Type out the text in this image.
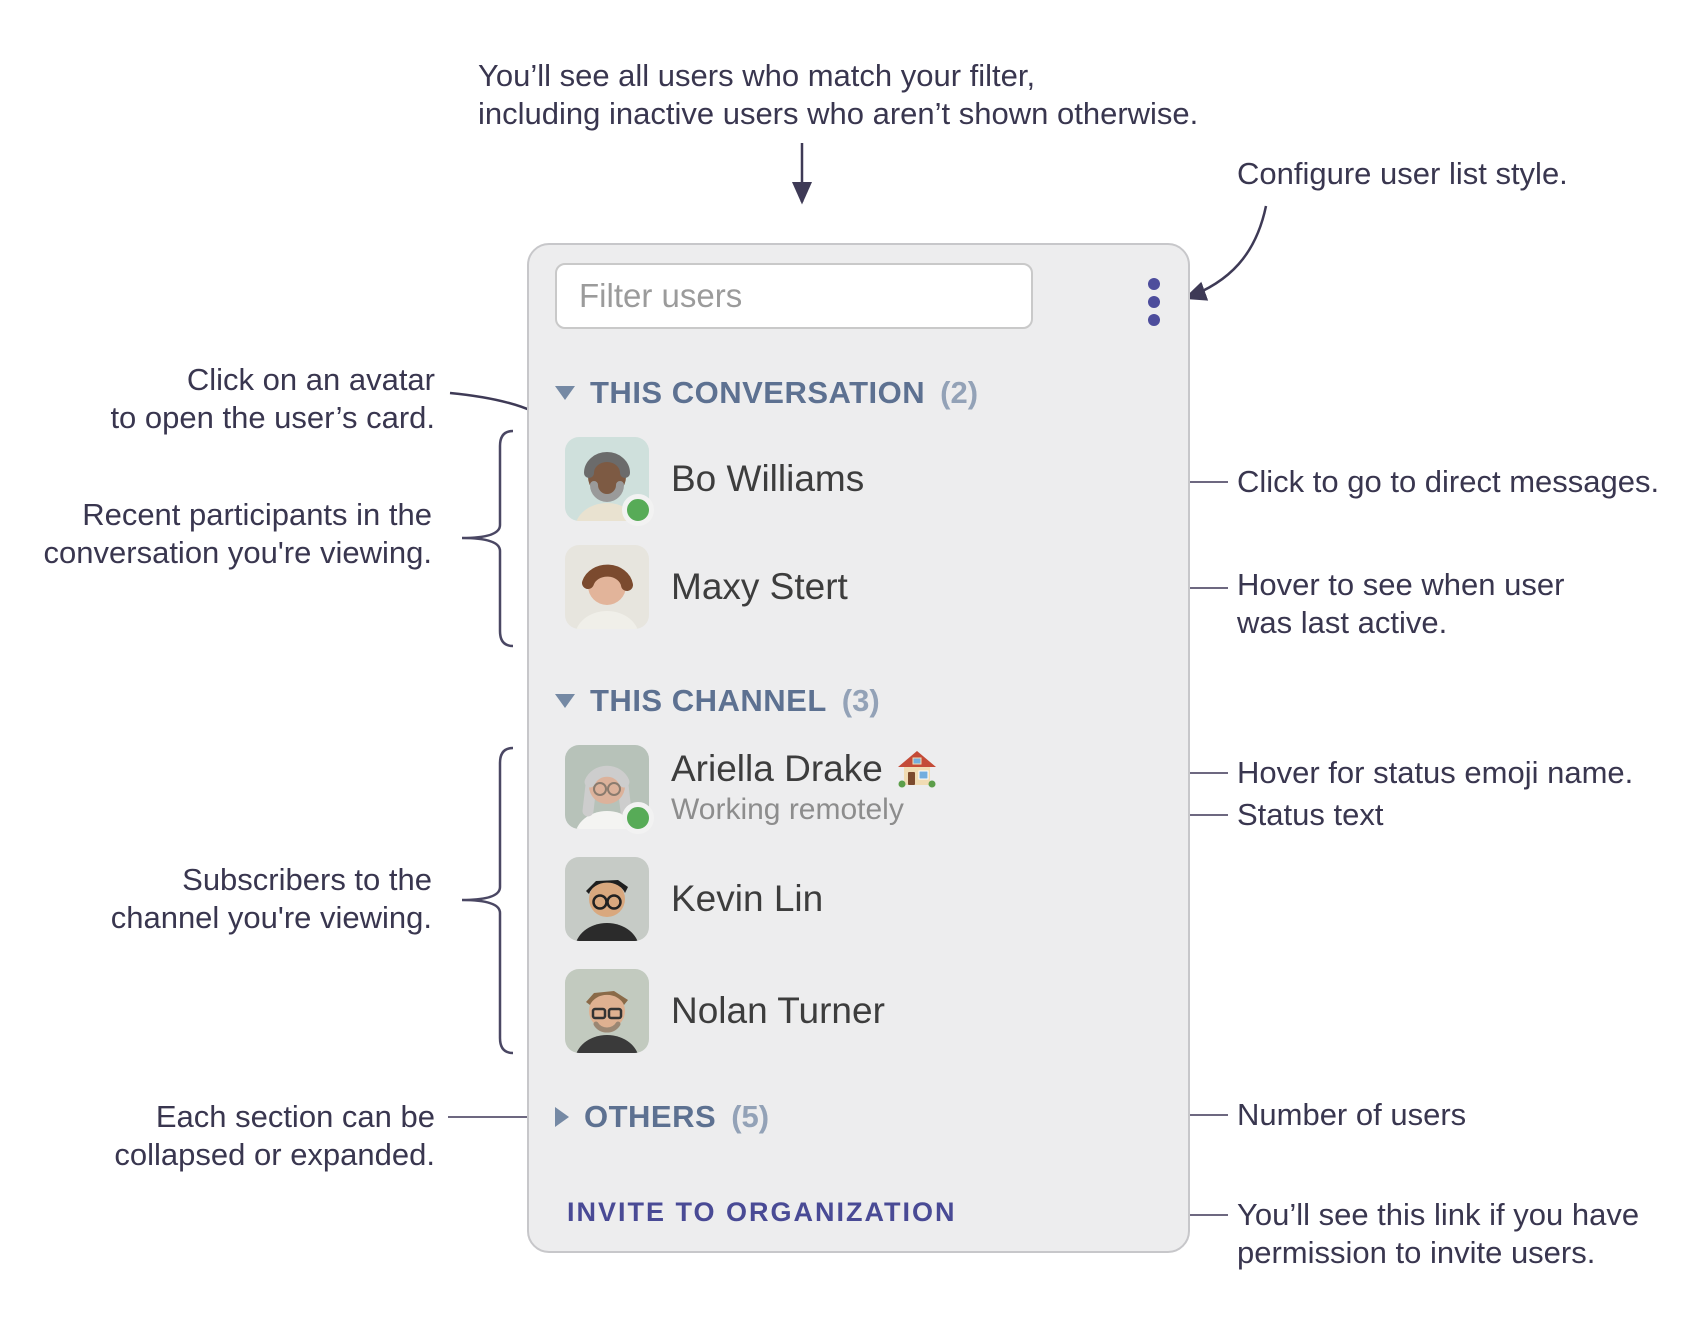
You’ll see all users who match your filter,
including inactive users who aren’t shown otherwise.
Configure user list style.
Click on an avatar
to open the user’s card.
Recent participants in the
conversation you're viewing.
Click to go to direct messages.
Hover to see when user
was last active.
Hover for status emoji name.
Status text
Subscribers to the
channel you're viewing.
Each section can be
collapsed or expanded.
Number of users
You’ll see this link if you have
permission to invite users.
Filter users
THIS CONVERSATION (2)
Bo Williams
Maxy Stert
THIS CHANNEL (3)
Ariella Drake
Working remotely
Kevin Lin
Nolan Turner
OTHERS (5)
INVITE TO ORGANIZATION
